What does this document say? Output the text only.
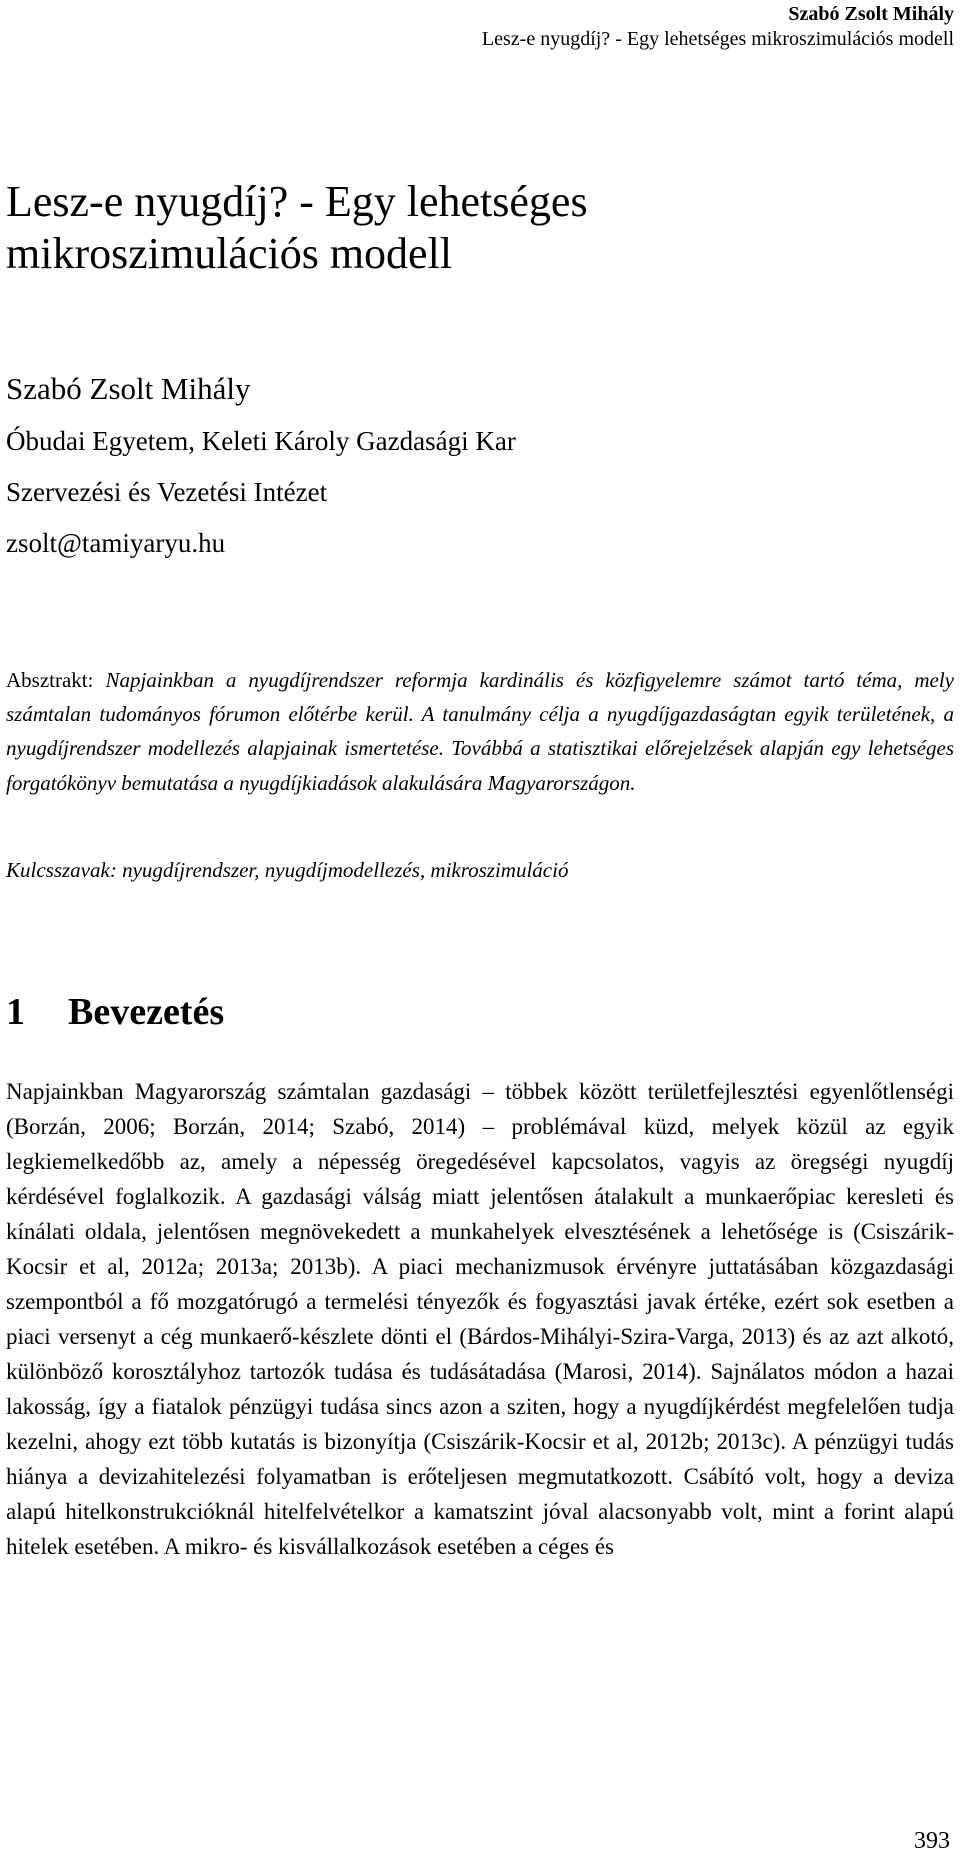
Szabó Zsolt Mihály
Lesz-e nyugdíj? - Egy lehetséges mikroszimulációs modell
Lesz-e nyugdíj? - Egy lehetséges mikroszimulációs modell
Szabó Zsolt Mihály
Óbudai Egyetem, Keleti Károly Gazdasági Kar
Szervezési és Vezetési Intézet
zsolt@tamiyaryu.hu

Absztrakt: Napjainkban a nyugdíjrendszer reformja kardinális és közfigyelemre számot tartó téma, mely számtalan tudományos fórumon előtérbe kerül. A tanulmány célja a nyugdíjgazdaságtan egyik területének, a nyugdíjrendszer modellezés alapjainak ismertetése. Továbbá a statisztikai előrejelzések alapján egy lehetséges forgatókönyv bemutatása a nyugdíjkiadások alakulására Magyarországon.

Kulcsszavak: nyugdíjrendszer, nyugdíjmodellezés, mikroszimuláció

1 Bevezetés

Napjainkban Magyarország számtalan gazdasági – többek között területfejlesztési egyenlőtlenségi (Borzán, 2006; Borzán, 2014; Szabó, 2014) – problémával küzd, melyek közül az egyik legkiemelkedőbb az, amely a népesség öregedésével kapcsolatos, vagyis az öregségi nyugdíj kérdésével foglalkozik. A gazdasági válság miatt jelentősen átalakult a munkaerőpiac keresleti és kínálati oldala, jelentősen megnövekedett a munkahelyek elvesztésének a lehetősége is (Csiszárik-Kocsir et al, 2012a; 2013a; 2013b). A piaci mechanizmusok érvényre juttatásában közgazdasági szempontból a fő mozgatórugó a termelési tényezők és fogyasztási javak értéke, ezért sok esetben a piaci versenyt a cég munkaerő-készlete dönti el (Bárdos-Mihályi-Szira-Varga, 2013) és az azt alkotó, különböző korosztályhoz tartozók tudása és tudásátadása (Marosi, 2014). Sajnálatos módon a hazai lakosság, így a fiatalok pénzügyi tudása sincs azon a sziten, hogy a nyugdíjkérdést megfelelően tudja kezelni, ahogy ezt több kutatás is bizonyítja (Csiszárik-Kocsir et al, 2012b; 2013c). A pénzügyi tudás hiánya a devizahitelezési folyamatban is erőteljesen megmutatkozott. Csábító volt, hogy a deviza alapú hitelkonstrukcióknál hitelfelvételkor a kamatszint jóval alacsonyabb volt, mint a forint alapú hitelek esetében. A mikro- és kisvállalkozások esetében a céges és

393
